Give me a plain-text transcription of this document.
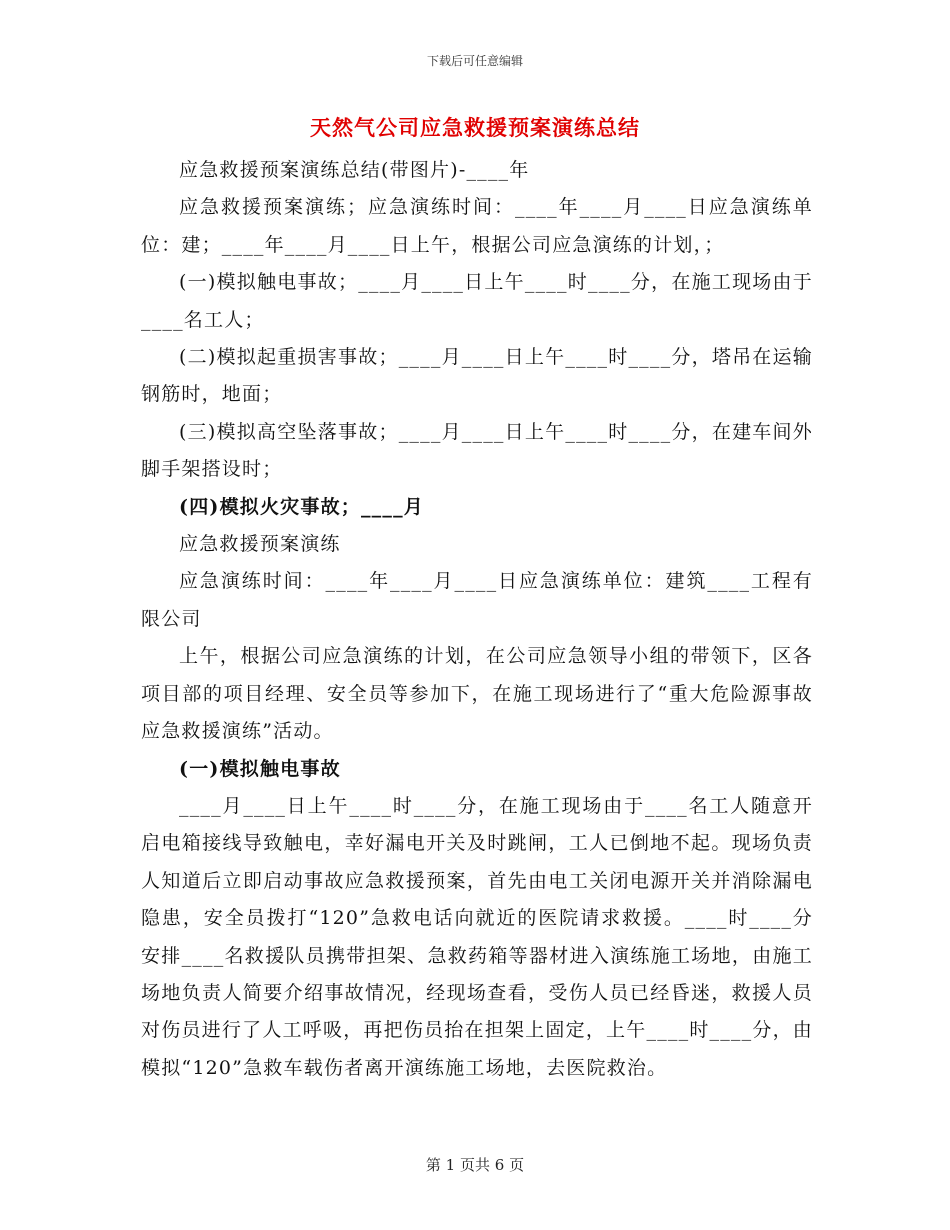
下载后可任意编辑
天然气公司应急救援预案演练总结

应急救援预案演练总结(带图片)-____年

应急救援预案演练；应急演练时间：____年____月____日应急演练单位：建；____年____月____日上午，根据公司应急演练的计划，；

(一)模拟触电事故；____月____日上午____时____分，在施工现场由于____名工人；

(二)模拟起重损害事故；____月____日上午____时____分，塔吊在运输钢筋时，地面；

(三)模拟高空坠落事故；____月____日上午____时____分，在建车间外脚手架搭设时；

(四)模拟火灾事故；____月

应急救援预案演练

应急演练时间：____年____月____日应急演练单位：建筑____工程有限公司

上午，根据公司应急演练的计划，在公司应急领导小组的带领下，区各项目部的项目经理、安全员等参加下，在施工现场进行了“重大危险源事故应急救援演练”活动。

(一)模拟触电事故

____月____日上午____时____分，在施工现场由于____名工人随意开启电箱接线导致触电，幸好漏电开关及时跳闸，工人已倒地不起。现场负责人知道后立即启动事故应急救援预案，首先由电工关闭电源开关并消除漏电隐患，安全员拨打“120”急救电话向就近的医院请求救援。____时____分安排____名救援队员携带担架、急救药箱等器材进入演练施工场地，由施工场地负责人简要介绍事故情况，经现场查看，受伤人员已经昏迷，救援人员对伤员进行了人工呼吸，再把伤员抬在担架上固定，上午____时____分，由模拟“120”急救车载伤者离开演练施工场地，去医院救治。

第 1 页共 6 页
